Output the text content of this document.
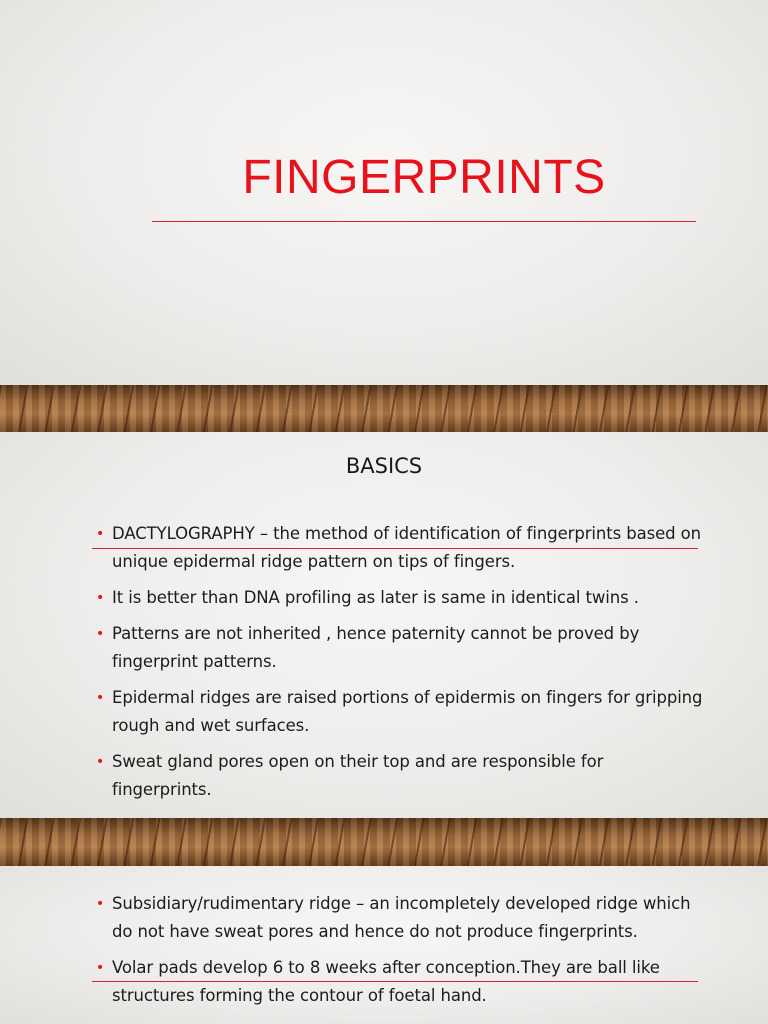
FINGERPRINTS
BASICS
• DACTYLOGRAPHY – the method of identification of fingerprints based on unique epidermal ridge pattern on tips of fingers.
• It is better than DNA profiling as later is same in identical twins .
• Patterns are not inherited , hence paternity cannot be proved by fingerprint patterns.
• Epidermal ridges are raised portions of epidermis on fingers for gripping rough and wet surfaces.
• Sweat gland pores open on their top and are responsible for fingerprints.
• Subsidiary/rudimentary ridge – an incompletely developed ridge which do not have sweat pores and hence do not produce fingerprints.
• Volar pads develop 6 to 8 weeks after conception.They are ball like structures forming the contour of foetal hand.
